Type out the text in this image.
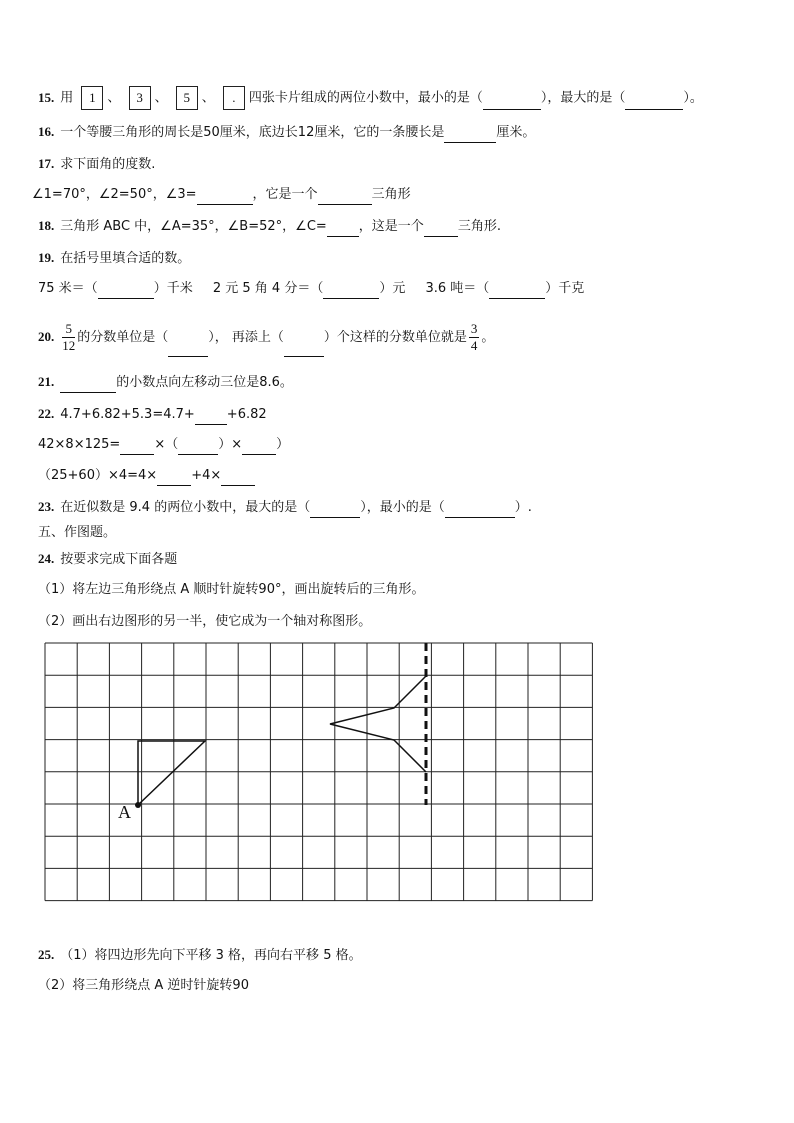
15. 用 1 、 3 、 5 、 . 四张卡片组成的两位小数中，最小的是（	），最大的是（	）。
16. 一个等腰三角形的周长是50厘米，底边长12厘米，它的一条腰长是	厘米。
17. 求下面角的度数.
∠1=70°，∠2=50°，∠3=	，它是一个	三角形
18. 三角形 ABC 中，∠A=35°，∠B=52°，∠C= ，这是一个	三角形.
19. 在括号里填合适的数。
75 米＝（	）千米 2 元 5 角 4 分＝（	）元 3.6 吨＝（	）千克
20. $\frac{5}{12}$ 的分数单位是（	）， 再添上（	）个这样的分数单位就是 $\frac{3}{4}$ 。
21.	的小数点向左移动三位是8.6。
22. 4.7+6.82+5.3=4.7+ +6.82
42×8×125=	×（	）×	）
（25+60）×4=4×	+4×
23. 在近似数是 9.4 的两位小数中，最大的是（	），最小的是（	）.
五、作图题。
24. 按要求完成下面各题
（1）将左边三角形绕点 A 顺时针旋转90°，画出旋转后的三角形。
（2）画出右边图形的另一半，使它成为一个轴对称图形。
A
25. （1）将四边形先向下平移 3 格，再向右平移 5 格。
（2）将三角形绕点 A 逆时针旋转90
